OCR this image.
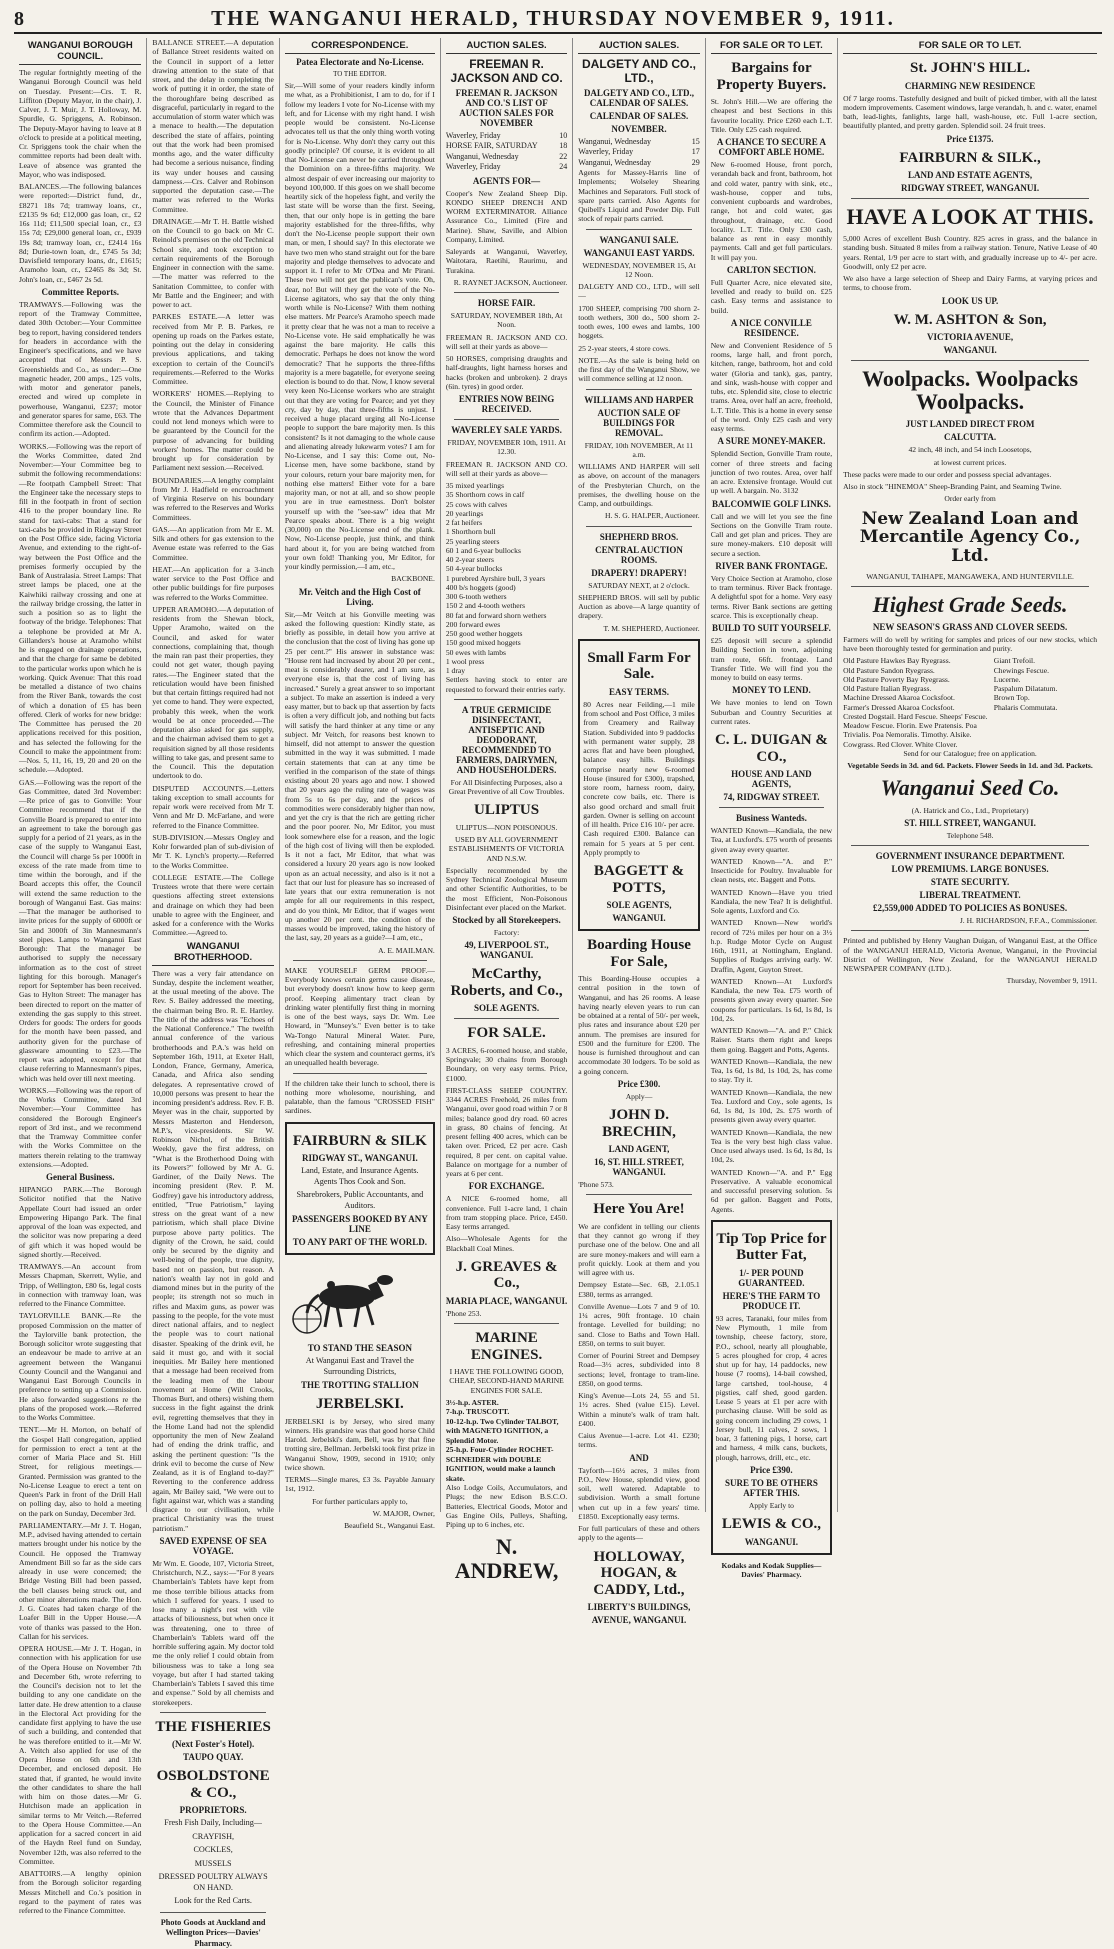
8	THE WANGANUI HERALD, THURSDAY NOVEMBER 9, 1911.
WANGANUI BOROUGH COUNCIL.

The regular fortnightly meeting of the Wanganui Borough Council was held on Tuesday. Present:—Crs. T. R. Liffiton (Deputy Mayor, in the chair), J. Calver, J. T. Muir, J. T. Holloway, M. Spurdle, G. Spriggens, A. Robinson. The Deputy-Mayor having to leave at 8 o'clock to preside at a political meeting, Cr. Spriggens took the chair when the committee reports had been dealt with. Leave of absence was granted the Mayor, who was indisposed.

BALANCES.—The following balances were reported:—District fund, dr., £8271 18s 7d; tramway loans, cr., £2135 9s 6d; £12,000 gas loan, cr., £2 16s 11d; £11,500 special loan, cr., £3 15s 7d; £29,000 general loan, cr., £939 19s 8d; tramway loan, cr., £2414 16s 8d; Durie-town loan, dr., £745 5s 3d; Davisfield temporary loans, dr., £1615; Aramoho loan, cr., £2465 8s 3d; St. John's loan, cr., £467 2s 5d.

Committee Reports.

TRAMWAYS.—Following was the report of the Tramway Committee, dated 30th October:—Your Committee beg to report, having considered tenders for headers in accordance with the Engineer's specifications, and we have accepted that of Messrs P. S. Greenshields and Co., as under:—One magnetic header, 200 amps., 125 volts, with motor and generator panels, erected and wired up complete in powerhouse, Wanganui, £237; motor and generator spares for same, £63. The Committee therefore ask the Council to confirm its action.—Adopted.

WORKS.—Following was the report of the Works Committee, dated 2nd November:—Your Committee beg to submit the following recommendations:—Re footpath Campbell Street: That the Engineer take the necessary steps to fill in the footpath in front of section 416 to the proper boundary line. Re stand for taxi-cabs: That a stand for taxi-cabs be provided in Ridgway Street on the Post Office side, facing Victoria Avenue, and extending to the right-of-way between the Post Office and the premises formerly occupied by the Bank of Australasia. Street Lamps: That street lamps be placed, one at the Kaiwhiki railway crossing and one at the railway bridge crossing, the latter in such a position so as to light the footway of the bridge. Telephones: That a telephone be provided at Mr A. Gillanders's house at Aramoho whilst he is engaged on drainage operations, and that the charge for same be debited to the particular works upon which he is working. Quick Avenue: That this road be metalled a distance of two chains from the River Bank, towards the cost of which a donation of £5 has been offered. Clerk of works for new bridge: The Committee has perused the 20 applications received for this position, and has selected the following for the Council to make the appointment from:—Nos. 5, 11, 16, 19, 20 and 20 on the schedule.—Adopted.

GAS.—Following was the report of the Gas Committee, dated 3rd November:—Re price of gas to Gonville: Your Committee recommend that if the Gonville Board is prepared to enter into an agreement to take the borough gas supply for a period of 21 years, as in the case of the supply to Wanganui East, the Council will charge 5s per 1000ft in excess of the rate made from time to time within the borough, and if the Board accepts this offer, the Council will extend the same reduction to the borough of Wanganui East. Gas mains:—That the manager be authorised to invite prices for the supply of 6000ft or 5in and 3000ft of 3in Mannesmann's steel pipes. Lamps to Wanganui East Borough: That the manager be authorised to supply the necessary information as to the cost of street lighting for this borough. Manager's report for September has been received. Gas to Hylton Street: The manager has been directed to report on the matter of extending the gas supply to this street. Orders for goods: The orders for goods for the month have been passed, and authority given for the purchase of glassware amounting to £23.—The report was adopted, except for that clause referring to Mannesmann's pipes, which was held over till next meeting.

WORKS.—Following was the report of the Works Committee, dated 3rd November:—Your Committee has considered the Borough Engineer's report of 3rd inst., and we recommend that the Tramway Committee confer with the Works Committee on the matters therein relating to the tramway extensions.—Adopted.

General Business.

HIPANGO PARK.—The Borough Solicitor notified that the Native Appellate Court had issued an order Empowering Hipango Park. The final approval of the loan was expected, and the solicitor was now preparing a deed of gift which it was hoped would be signed shortly.—Received.

TRAMWAYS.—An account from Messrs Chapman, Skerrett, Wylie, and Tripp, of Wellington, £80 6s, legal costs in connection with tramway loan, was referred to the Finance Committee.

TAYLORVILLE BANK.—Re the proposed Commission on the matter of the Taylorville bank protection, the Borough solicitor wrote suggesting that an endeavour be made to arrive at an agreement between the Wanganui County Council and the Wanganui and Wanganui East Borough Councils in preference to setting up a Commission. He also forwarded suggestions re the plans of the proposed work.—Referred to the Works Committee.

TENT.—Mr H. Morton, on behalf of the Gospel Hall congregation, applied for permission to erect a tent at the corner of Maria Place and St. Hill Street, for religious meetings.—Granted. Permission was granted to the No-License League to erect a tent on Queen's Park in front of the Drill Hall on polling day, also to hold a meeting on the park on Sunday, December 3rd.

PARLIAMENTARY.—Mr J. T. Hogan, M.P., advised having attended to certain matters brought under his notice by the Council. He opposed the Tramway Amendment Bill so far as the side cars already in use were concerned; the Bridge Vesting Bill had been passed, the bell clauses being struck out, and other minor alterations made. The Hon. J. G. Coates had taken charge of the Loafer Bill in the Upper House.—A vote of thanks was passed to the Hon. Callan for his services.

OPERA HOUSE.—Mr J. T. Hogan, in connection with his application for use of the Opera House on November 7th and December 6th, wrote referring to the Council's decision not to let the building to any one candidate on the latter date. He drew attention to a clause in the Electoral Act providing for the candidate first applying to have the use of such a building, and contended that he was therefore entitled to it.—Mr W. A. Veitch also applied for use of the Opera House on 6th and 13th December, and enclosed deposit. He stated that, if granted, he would invite the other candidates to share the hall with him on those dates.—Mr G. Hutchison made an application in similar terms to Mr Veitch.—Referred to the Opera House Committee.—An application for a sacred concert in aid of the Haydn Reel fund on Sunday, November 12th, was also referred to the Committee.

ABATTOIRS.—A lengthy opinion from the Borough solicitor regarding Messrs Mitchell and Co.'s position in regard to the payment of rates was referred to the Finance Committee.

BALLANCE STREET.—A deputation of Ballance Street residents waited on the Council in support of a letter drawing attention to the state of that street, and the delay in completing the work of putting it in order, the state of the thoroughfare being described as disgraceful, particularly in regard to the accumulation of storm water which was a menace to health.—The deputation described the state of affairs, pointing out that the work had been promised months ago, and the water difficulty had become a serious nuisance, finding its way under houses and causing dampness.—Crs. Calver and Robinson supported the deputation case.—The matter was referred to the Works Committee.

DRAINAGE.—Mr T. H. Battle wished on the Council to go back on Mr C. Reinold's premises on the old Technical School site, and took exception to certain requirements of the Borough Engineer in connection with the same.—The matter was referred to the Sanitation Committee, to confer with Mr Battle and the Engineer; and with power to act.

PARKES ESTATE.—A letter was received from Mr P. B. Parkes, re opening up roads on the Parkes estate, pointing out the delay in considering previous applications, and taking exception to certain of the Council's requirements.—Referred to the Works Committee.

WORKERS' HOMES.—Replying to the Council, the Minister of Finance wrote that the Advances Department could not lend moneys which were to be guaranteed by the Council for the purpose of advancing for building workers' homes. The matter could be brought up for consideration by Parliament next session.—Received.

BOUNDARIES.—A lengthy complaint from Mr J. Hadfield re encroachment of Virginia Reserve on his boundary was referred to the Reserves and Works Committees.

GAS.—An application from Mr E. M. Silk and others for gas extension to the Avenue estate was referred to the Gas Committee.

HEAT.—An application for a 3-inch water service to the Post Office and other public buildings for fire purposes was referred to the Works Committee.

UPPER ARAMOHO.—A deputation of residents from the Shewan block, Upper Aramoho, waited on the Council, and asked for water connections, complaining that, though the main ran past their properties, they could not get water, though paying rates.—The Engineer stated that the reticulation would have been finished but that certain fittings required had not yet come to hand. They were expected, probably this week, when the work would be at once proceeded.—The deputation also asked for gas supply, and the chairman advised them to get a requisition signed by all those residents willing to take gas, and present same to the Council. This the deputation undertook to do.

DISPUTED ACCOUNTS.—Letters taking exception to small accounts for repair work were received from Mr T. Venn and Mr D. McFarlane, and were referred to the Finance Committee.

SUB-DIVISION.—Messrs Ongley and Kohr forwarded plan of sub-division of Mr T. K. Lynch's property.—Referred to the Works Committee.

COLLEGE ESTATE.—The College Trustees wrote that there were certain questions affecting street extensions and drainage on which they had been unable to agree with the Engineer, and asked for a conference with the Works Committee.—Agreed to.

WANGANUI BROTHERHOOD.

There was a very fair attendance on Sunday, despite the inclement weather, at the usual meeting of the above. The Rev. S. Bailey addressed the meeting, the chairman being Bro. R. E. Hartley. The title of the address was "Echoes of the National Conference." The twelfth annual conference of the various brotherhoods and P.A.'s was held on September 16th, 1911, at Exeter Hall, London, France, Germany, America, Canada, and Africa also sending delegates. A representative crowd of 10,000 persons was present to hear the incoming president's address. Rev. F. B. Meyer was in the chair, supported by Messrs Masterton and Henderson, M.P.'s, vice-presidents. Sir W. Robinson Nichol, of the British Weekly, gave the first address, on "What is the Brotherhood Doing with its Powers?" followed by Mr A. G. Gardiner, of the Daily News. The incoming president (Rev. P. M. Godfrey) gave his introductory address, entitled, "True Patriotism," laying stress on the great want of a new patriotism, which shall place Divine purpose above party politics. The dignity of the Crown, he said, could only be secured by the dignity and well-being of the people, true dignity, based not on passion, but reason. A nation's wealth lay not in gold and diamond mines but in the purity of the people; its strength not so much in rifles and Maxim guns, as power was passing to the people, for the vote must direct national affairs, and to neglect the people was to court national disaster. Speaking of the drink evil, he said it must go, and with it social inequities. Mr Bailey here mentioned that a message had been received from the leading men of the labour movement at Home (Will Crooks, Thomas Burt, and others) wishing them success in the fight against the drink evil, regretting themselves that they in the Home Land had not the splendid opportunity the men of New Zealand had of ending the drink traffic, and asking the pertinent question: "Is the drink evil to become the curse of New Zealand, as it is of England to-day?" Reverting to the conference address again, Mr Bailey said, "We were out to fight against war, which was a standing disgrace to our civilisation, while practical Christianity was the truest patriotism."

SAVED EXPENSE OF SEA VOYAGE.

Mr Wm. E. Goode, 107, Victoria Street, Christchurch, N.Z., says:—"For 8 years Chamberlain's Tablets have kept from me those terrible bilious attacks from which I suffered for years. I used to lose many a night's rest with vile attacks of biliousness, but when once it was threatening, one to three of Chamberlain's Tablets ward off the horrible suffering again. My doctor told me the only relief I could obtain from biliousness was to take a long sea voyage, but after I had started taking Chamberlain's Tablets I saved this time and expense." Sold by all chemists and storekeepers.

THE FISHERIES
(Next Foster's Hotel).
TAUPO QUAY.
OSBOLDSTONE & CO.,
PROPRIETORS.

Fresh Fish Daily, Including—

CRAYFISH,

COCKLES,

MUSSELS

DRESSED POULTRY ALWAYS ON HAND.

Look for the Red Carts.

Photo Goods at Auckland and Wellington Prices—Davies' Pharmacy.

CORRESPONDENCE.
Patea Electorate and No-License.
TO THE EDITOR.

Sir,—Will some of your readers kindly inform me what, as a Prohibitionist, I am to do, for if I follow my leaders I vote for No-License with my left, and for License with my right hand. I wish people would be consistent. No-License advocates tell us that the only thing worth voting for is No-License. Why don't they carry out this goodly principle? Of course, it is evident to all that No-License can never be carried throughout the Dominion on a three-fifths majority. We almost despair of ever increasing our majority to beyond 100,000. If this goes on we shall become heartily sick of the hopeless fight, and verily the last state will be worse than the first. Seeing, then, that our only hope is in getting the bare majority established for the three-fifths, why don't the No-License people support their own man, or men, I should say? In this electorate we have two men who stand straight out for the bare majority and pledge themselves to advocate and support it. I refer to Mr O'Dea and Mr Pirani. These two will not get the publican's vote. Oh, dear, no! But will they get the vote of the No-License agitators, who say that the only thing worth while is No-License? With them nothing else matters. Mr Pearce's Aramoho speech made it pretty clear that he was not a man to receive a No-License vote. He said emphatically he was against the bare majority. He calls this democratic. Perhaps he does not know the word democratic? That he supports the three-fifths majority is a mere bagatelle, for everyone seeing election is bound to do that. Now, I know several very keen No-License workers who are straight out that they are voting for Pearce; and yet they cry, day by day, that three-fifths is unjust. I received a huge placard urging all No-License people to support the bare majority men. Is this consistent? Is it not damaging to the whole cause and alienating already lukewarm votes? I am for No-License, and I say this: Come out, No-License men, have some backbone, stand by your colours, return your bare majority men, for nothing else matters! Either vote for a bare majority man, or not at all, and so show people you are in true earnestness. Don't bolster yourself up with the "see-saw" idea that Mr Pearce speaks about. There is a big weight (30,000) on the No-License end of the plank. Now, No-License people, just think, and think hard about it, for you are being watched from your own fold! Thanking you, Mr Editor, for your kindly permission,—I am, etc.,

BACKBONE.

Mr. Veitch and the High Cost of Living.

Sir,—Mr Veitch at his Gonville meeting was asked the following question: Kindly state, as briefly as possible, in detail how you arrive at the conclusion that the cost of living has gone up 25 per cent.?" His answer in substance was: "House rent had increased by about 20 per cent., meat is considerably dearer, and I am sure, as everyone else is, that the cost of living has increased." Surely a great answer to so important a subject. To make an assertion is indeed a very easy matter, but to back up that assertion by facts is often a very difficult job, and nothing but facts will satisfy the hard thinker at any time or any subject. Mr Veitch, for reasons best known to himself, did not attempt to answer the question submitted in the way it was submitted. I made certain statements that can at any time be verified in the comparison of the state of things existing about 20 years ago and now. I showed that 20 years ago the ruling rate of wages was from 5s to 6s per day, and the prices of commodities were considerably higher than now, and yet the cry is that the rich are getting richer and the poor poorer. No, Mr Editor, you must look somewhere else for a reason, and the logic of the high cost of living will then be exploded. Is it not a fact, Mr Editor, that what was considered a luxury 20 years ago is now looked upon as an actual necessity, and also is it not a fact that our lust for pleasure has so increased of late years that our extra remuneration is not ample for all our requirements in this respect, and do you think, Mr Editor, that if wages went up another 20 per cent. the condition of the masses would be improved, taking the history of the last, say, 20 years as a guide?—I am, etc.,

A. E. MAILMAN.

MAKE YOURSELF GERM PROOF.—Everybody knows certain germs cause disease, but everybody doesn't know how to keep germ proof. Keeping alimentary tract clean by drinking water plentifully first thing in morning is one of the best ways, says Dr. Wm. Lee Howard, in "Munsey's." Even better is to take Wa-Tongo Natural Mineral Water. Pure, refreshing, and containing mineral properties which clear the system and counteract germs, it's an unequalled health beverage.

If the children take their lunch to school, there is nothing more wholesome, nourishing, and palatable, than the famous "CROSSED FISH" sardines.

FAIRBURN & SILK
RIDGWAY ST., WANGANUI.

Land, Estate, and Insurance Agents. Agents Thos Cook and Son.

Sharebrokers, Public Accountants, and Auditors.

PASSENGERS BOOKED BY ANY LINE
TO ANY PART OF THE WORLD.
TO STAND THE SEASON

At Wanganui East and Travel the Surrounding Districts,

THE TROTTING STALLION
JERBELSKI.

JERBELSKI is by Jersey, who sired many winners. His grandsire was that good horse Child Harold. Jerbelski's dam, Bell, was by that fine trotting sire, Bellman. Jerbelski took first prize in Wanganui Show, 1909, second in 1910; only twice shown.

TERMS—Single mares, £3 3s. Payable January 1st, 1912.

For further particulars apply to,

W. MAJOR, Owner,

Beaufield St., Wanganui East.

AUCTION SALES.
FREEMAN R. JACKSON AND CO.
FREEMAN R. JACKSON AND CO.'S LIST OF AUCTION SALES FOR NOVEMBER
Waverley, Friday	10
HORSE FAIR, SATURDAY	18
Wanganui, Wednesday	22
Waverley, Friday	24
AGENTS FOR—

Cooper's New Zealand Sheep Dip. KONDO SHEEP DRENCH AND WORM EXTERMINATOR. Alliance Assurance Co., Limited (Fire and Marine). Shaw, Saville, and Albion Company, Limited.

Saleyards at Wanganui, Waverley, Waitotara, Raetihi, Raurimu, and Turakina.

R. RAYNET JACKSON, Auctioneer.

HORSE FAIR.

SATURDAY, NOVEMBER 18th, At Noon.

FREEMAN R. JACKSON AND CO. will sell at their yards as above—

50 HORSES, comprising draughts and half-draughts, light harness horses and hacks (broken and unbroken). 2 drays (6in. tyres) in good order.

ENTRIES NOW BEING RECEIVED.
WAVERLEY SALE YARDS.

FRIDAY, NOVEMBER 10th, 1911. At 12.30.

FREEMAN R. JACKSON AND CO. will sell at their yards as above—

35 mixed yearlings
35 Shorthorn cows in calf
25 cows with calves
20 yearlings
2 fat heifers
1 Shorthorn bull
25 yearling steers
60 1 and 6-year bullocks
40 2-year steers
50 4-year bullocks
1 purebred Ayrshire bull, 3 years
400 b/s hoggets (good)
300 6-tooth wethers
150 2 and 4-tooth wethers
80 fat and forward shorn wethers
200 forward ewes
250 good wether hoggets
150 good mixed hoggets
50 ewes with lambs
1 wool press
1 dray

Settlers having stock to enter are requested to forward their entries early.

A TRUE GERMICIDE DISINFECTANT, ANTISEPTIC AND DEODORANT, RECOMMENDED TO FARMERS, DAIRYMEN, AND HOUSEHOLDERS.

For All Disinfecting Purposes, also a Great Preventive of all Cow Troubles.

ULIPTUS

ULIPTUS—NON POISONOUS.

USED BY ALL GOVERNMENT ESTABLISHMENTS OF VICTORIA AND N.S.W.

Especially recommended by the Sydney Technical Zoological Museum and other Scientific Authorities, to be the most Efficient, Non-Poisonous Disinfectant ever placed on the Market.

Stocked by all Storekeepers.

Factory:

49, LIVERPOOL ST., WANGANUI.
McCarthy, Roberts, and Co.,
SOLE AGENTS.
FOR SALE.

3 ACRES, 6-roomed house, and stable, Springvale; 30 chains from Borough Boundary, on very easy terms. Price, £1000.

FIRST-CLASS SHEEP COUNTRY. 3344 ACRES Freehold, 26 miles from Wanganui, over good road within 7 or 8 miles; balance good dry road. 60 acres in grass, 80 chains of fencing. At present felling 400 acres, which can be taken over. Priced, £2 per acre. Cash required, 8 per cent. on capital value. Balance on mortgage for a number of years at 6 per cent.

FOR EXCHANGE.

A NICE 6-roomed home, all convenience. Full 1-acre land, 1 chain from tram stopping place. Price, £450. Easy terms arranged.

Also—Wholesale Agents for the Blackball Coal Mines.

J. GREAVES & Co.,
MARIA PLACE, WANGANUI.

'Phone 253.

MARINE ENGINES.

I HAVE THE FOLLOWING GOOD, CHEAP, SECOND-HAND MARINE ENGINES FOR SALE.

3½-h.p. ASTER.
7-h.p. TRUSCOTT.
10-12-h.p. Two Cylinder TALBOT, with MAGNETO IGNITION, a Splendid Motor.
25-h.p. Four-Cylinder ROCHET-SCHNEIDER with DOUBLE IGNITION, would make a launch skate.

Also Lodge Coils, Accumulators, and Plugs; the new Edison B.S.C.O. Batteries, Electrical Goods, Motor and Gas Engine Oils, Pulleys, Shafting, Piping up to 6 inches, etc.

N. ANDREW,
AUCTION SALES.
DALGETY AND CO., LTD.,
DALGETY AND CO., LTD., CALENDAR OF SALES.
CALENDAR OF SALES.
NOVEMBER.
Wanganui, Wednesday	15
Waverley, Friday	17
Wanganui, Wednesday	29

Agents for Massey-Harris line of Implements; Wolseley Shearing Machines and Separators. Full stock of spare parts carried. Also Agents for Quibell's Liquid and Powder Dip. Full stock of repair parts carried.

WANGANUI SALE.
WANGANUI EAST YARDS.

WEDNESDAY, NOVEMBER 15, At 12 Noon.

DALGETY AND CO., LTD., will sell—

1700 SHEEP, comprising 700 shorn 2-tooth wethers, 300 do., 500 shorn 2-tooth ewes, 100 ewes and lambs, 100 hoggets.

25 2-year steers, 4 store cows.

NOTE.—As the sale is being held on the first day of the Wanganui Show, we will commence selling at 12 noon.

WILLIAMS AND HARPER
AUCTION SALE OF BUILDINGS FOR REMOVAL.

FRIDAY, 10th NOVEMBER, At 11 a.m.

WILLIAMS AND HARPER will sell as above, on account of the managers of the Presbyterian Church, on the premises, the dwelling house on the Camp, and outbuildings.

H. S. G. HALPER, Auctioneer.

SHEPHERD BROS.
CENTRAL AUCTION ROOMS.
DRAPERY! DRAPERY!

SATURDAY NEXT, at 2 o'clock.

SHEPHERD BROS. will sell by public Auction as above—A large quantity of drapery.

T. M. SHEPHERD, Auctioneer.

Small Farm For Sale.
EASY TERMS.

80 Acres near Feilding,—1 mile from school and Post Office, 3 miles from Creamery and Railway Station. Subdivided into 9 paddocks with permanent water supply, 28 acres flat and have been ploughed, balance easy hills. Buildings comprise nearly new 6-roomed House (insured for £300), trapshed, store room, harness room, dairy, concrete cow bails, etc. There is also good orchard and small fruit garden. Owner is selling on account of ill health. Price £16 10/- per acre. Cash required £300. Balance can remain for 5 years at 5 per cent. Apply promptly to

BAGGETT & POTTS,
SOLE AGENTS,
WANGANUI.
Boarding House For Sale,

This Boarding-House occupies a central position in the town of Wanganui, and has 26 rooms. A lease having nearly eleven years to run can be obtained at a rental of 50/- per week, plus rates and insurance about £20 per annum. The premises are insured for £500 and the furniture for £200. The house is furnished throughout and can accommodate 30 lodgers. To be sold as a going concern.

Price £300.

Apply—

JOHN D. BRECHIN,
LAND AGENT,
16, ST. HILL STREET, WANGANUI.

'Phone 573.

Here You Are!

We are confident in telling our clients that they cannot go wrong if they purchase one of the below. One and all are sure money-makers and will earn a profit quickly. Look at them and you will agree with us.

Dempsey Estate—Sec. 6B, 2.1.05.1 £380, terms as arranged.

Conville Avenue—Lots 7 and 9 of 10. 1¼ acres, 90ft frontage. 10 chain frontage. Levelled for building; no sand. Close to Baths and Town Hall. £850, on terms to suit buyer.

Corner of Pourini Street and Dempsey Road—3½ acres, subdivided into 8 sections; level, frontage to tram-line. £850, on good terms.

King's Avenue—Lots 24, 55 and 51. 1½ acres. Shed (value £15). Level. Within a minute's walk of tram halt. £400.

Caius Avenue—1-acre. Lot 41. £230; terms.

AND

Tayforth—16½ acres, 3 miles from P.O., New House, splendid view, good soil, well watered. Adaptable to subdivision. Worth a small fortune when cut up in a few years' time. £1850. Exceptionally easy terms.

For full particulars of these and others apply to the agents—

HOLLOWAY, HOGAN, & CADDY, Ltd.,
LIBERTY'S BUILDINGS,
AVENUE, WANGANUI.
FOR SALE OR TO LET.
Bargains for Property Buyers.

St. John's Hill.—We are offering the cheapest and best Sections in this favourite locality. Price £260 each L.T. Title. Only £25 cash required.

A CHANCE TO SECURE A COMFORT ABLE HOME.

New 6-roomed House, front porch, verandah back and front, bathroom, hot and cold water, pantry with sink, etc., wash-house, copper and tubs, convenient cupboards and wardrobes, range, hot and cold water, gas throughout, drainage, etc. Good locality. L.T. Title. Only £30 cash, balance as rent in easy monthly payments. Call and get full particulars. It will pay you.

CARLTON SECTION.

Full Quarter Acre, nice elevated site, levelled and ready to build on. £25 cash. Easy terms and assistance to build.

A NICE CONVILLE RESIDENCE.

New and Convenient Residence of 5 rooms, large hall, and front porch, kitchen, range, bathroom, hot and cold water (Gloria and tank), gas, pantry, and sink, wash-house with copper and tubs, etc. Splendid site, close to electric trams. Area, over half an acre, freehold, L.T. Title. This is a home in every sense of the word. Only £25 cash and very easy terms.

A SURE MONEY-MAKER.

Splendid Section, Gonville Tram route, corner of three streets and facing junction of two routes. Area, over half an acre. Extensive frontage. Would cut up well. A bargain. No. 3132

BALCOMWIE GOLF LINKS.

Call and we will let you see the fine Sections on the Gonville Tram route. Call and get plan and prices. They are sure money-makers. £10 deposit will secure a section.

RIVER BANK FRONTAGE.

Very Choice Section at Aramoho, close to tram terminus. River Back frontage. A delightful spot for a home. Very easy terms. River Bank sections are getting scarce. This is exceptionally cheap.

BUILD TO SUIT YOURSELF.

£25 deposit will secure a splendid Building Section in town, adjoining tram route, 66ft. frontage. Land Transfer Title. We will find you the money to build on easy terms.

MONEY TO LEND.

We have monies to lend on Town Suburban and Country Securities at current rates.

C. L. DUIGAN & CO.,
HOUSE AND LAND AGENTS,
74, RIDGWAY STREET.
Business Wanteds.

WANTED Known—Kandiala, the new Tea, at Luxford's. £75 worth of presents given away every quarter.

WANTED Known—"A. and P." Insecticide for Poultry. Invaluable for clean nests, etc. Baggett and Potts.

WANTED Known—Have you tried Kandiala, the new Tea? It is delightful. Sole agents, Luxford and Co.

WANTED Known—New world's record of 72¼ miles per hour on a 3½ h.p. Rudge Motor Cycle on August 16th, 1911, at Nottingham, England. Supplies of Rudges arriving early. W. Draffin, Agent, Guyton Street.

WANTED Known—At Luxford's Kandiala, the new Tea. £75 worth of presents given away every quarter. See coupons for particulars. 1s 6d, 1s 8d, 1s 10d, 2s.

WANTED Known—"A. and P." Chick Raiser. Starts them right and keeps them going. Baggett and Potts, Agents.

WANTED Known—Kandiala, the new Tea, 1s 6d, 1s 8d, 1s 10d, 2s, has come to stay. Try it.

WANTED Known—Kandiala, the new Tea. Luxford and Coy., sole agents, 1s 6d, 1s 8d, 1s 10d, 2s. £75 worth of presents given away every quarter.

WANTED Known—Kandiala, the new Tea is the very best high class value. Once used always used. 1s 6d, 1s 8d, 1s 10d, 2s.

WANTED Known—"A. and P." Egg Preservative. A valuable economical and successful preserving solution. 5s 6d per gallon. Baggett and Potts, Agents.

Tip Top Price for Butter Fat,
1/- PER POUND GUARANTEED.
HERE'S THE FARM TO PRODUCE IT.

93 acres, Taranaki, four miles from New Plymouth, 1 mile from township, cheese factory, store, P.O., school, nearly all ploughable, 5 acres ploughed for crop, 4 acres shut up for hay, 14 paddocks, new house (7 rooms), 14-bail cowshed, large cartshed, tool-house, 4 pigsties, calf shed, good garden. Lease 5 years at £1 per acre with purchasing clause. Will be sold as going concern including 29 cows, 1 Jersey bull, 11 calves, 2 sows, 1 boar, 3 fattening pigs, 1 horse, cart and harness, 4 milk cans, buckets, plough, harrows, drill, etc., etc.

Price £390.
SURE TO BE OTHERS AFTER THIS.

Apply Early to

LEWIS & CO.,
WANGANUI.

Kodaks and Kodak Supplies—Davies' Pharmacy.

FOR SALE OR TO LET.
St. JOHN'S HILL.
CHARMING NEW RESIDENCE

Of 7 large rooms. Tastefully designed and built of picked timber, with all the latest modern improvements. Casement windows, large verandah, h. and c. water, enamel bath, lead-lights, fanlights, large hall, wash-house, etc. Full 1-acre section, beautifully planted, and pretty garden. Splendid soil. 24 fruit trees.

Price £1375.
FAIRBURN & SILK.,
LAND AND ESTATE AGENTS,
RIDGWAY STREET, WANGANUI.
HAVE A LOOK AT THIS.

5,000 Acres of excellent Bush Country. 825 acres in grass, and the balance in standing bush. Situated 8 miles from a railway station. Tenure, Native Lease of 40 years. Rental, 1/9 per acre to start with, and gradually increase up to 4/- per acre. Goodwill, only £2 per acre.

We also have a large selection of Sheep and Dairy Farms, at varying prices and terms, to choose from.

LOOK US UP.
W. M. ASHTON & Son,
VICTORIA AVENUE,
WANGANUI.
Woolpacks. Woolpacks Woolpacks.
JUST LANDED DIRECT FROM
CALCUTTA.

42 inch, 48 inch, and 54 inch Loosetops,

at lowest current prices.

These packs were made to our order and possess special advantages.

Also in stock "HINEMOA" Sheep-Branding Paint, and Seaming Twine.

Order early from

New Zealand Loan and Mercantile Agency Co., Ltd.

WANGANUI, TAIHAPE, MANGAWEKA, AND HUNTERVILLE.

Highest Grade Seeds.
NEW SEASON'S GRASS AND CLOVER SEEDS.

Farmers will do well by writing for samples and prices of our new stocks, which have been thoroughly tested for germination and purity.

Old Pasture Hawkes Bay Ryegrass.
Old Pasture Sandon Ryegrass.
Old Pasture Poverty Bay Ryegrass.
Old Pasture Italian Ryegrass.
Machine Dressed Akaroa Cocksfoot.
Farmer's Dressed Akaroa Cocksfoot.
Crested Dogstail. Hard Fescue. Sheeps' Fescue. Meadow Fescue. Florin. Ewe Pratensis. Poa Trivialis. Poa Nemoralis. Timothy. Alsike. Cowgrass. Red Clover. White Clover.
Giant Trefoil.
Chewings Fescue.
Lucerne.
Paspalum Dilatatum.
Brown Top.
Phalaris Commutata.

Send for our Catalogue; free on application.

Vegetable Seeds in 3d. and 6d. Packets. Flower Seeds in 1d. and 3d. Packets.

Wanganui Seed Co.

(A. Hatrick and Co., Ltd., Proprietary)

ST. HILL STREET, WANGANUI.

Telephone 548.

GOVERNMENT INSURANCE DEPARTMENT.
LOW PREMIUMS. LARGE BONUSES.
STATE SECURITY.
LIBERAL TREATMENT.
£2,559,000 ADDED TO POLICIES AS BONUSES.

J. H. RICHARDSON, F.F.A., Commissioner.

Printed and published by Henry Vaughan Duigan, of Wanganui East, at the Office of the WANGANUI HERALD, Victoria Avenue, Wanganui, in the Provincial District of Wellington, New Zealand, for the WANGANUI HERALD NEWSPAPER COMPANY (LTD.).

Thursday, November 9, 1911.
